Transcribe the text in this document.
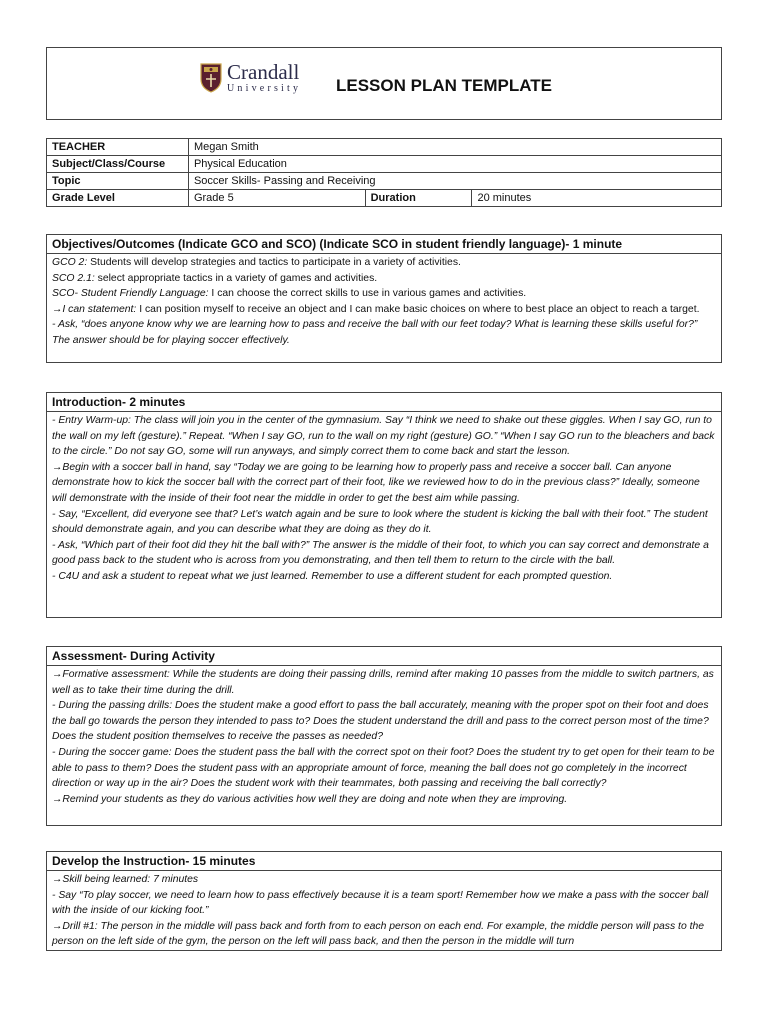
Crandall
University LESSON PLAN TEMPLATE
TEACHER	Megan Smith		
Subject/Class/Course	Physical Education		
Topic	Soccer Skills- Passing and Receiving		
Grade Level	Grade 5	Duration	20 minutes
Objectives/Outcomes (Indicate GCO and SCO) (Indicate SCO in student friendly language)- 1 minute

GCO 2: Students will develop strategies and tactics to participate in a variety of activities.

SCO 2.1: select appropriate tactics in a variety of games and activities.

SCO- Student Friendly Language: I can choose the correct skills to use in various games and activities.

→I can statement: I can position myself to receive an object and I can make basic choices on where to best place an object to reach a target.

- Ask, “does anyone know why we are learning how to pass and receive the ball with our feet today? What is learning these skills useful for?” The answer should be for playing soccer effectively.

Introduction- 2 minutes

- Entry Warm-up: The class will join you in the center of the gymnasium. Say “I think we need to shake out these giggles. When I say GO, run to the wall on my left (gesture).” Repeat. “When I say GO, run to the wall on my right (gesture) GO.” “When I say GO run to the bleachers and back to the circle.” Do not say GO, some will run anyways, and simply correct them to come back and start the lesson.

→Begin with a soccer ball in hand, say “Today we are going to be learning how to properly pass and receive a soccer ball. Can anyone demonstrate how to kick the soccer ball with the correct part of their foot, like we reviewed how to do in the previous class?” Ideally, someone will demonstrate with the inside of their foot near the middle in order to get the best aim while passing.

- Say, “Excellent, did everyone see that? Let’s watch again and be sure to look where the student is kicking the ball with their foot.” The student should demonstrate again, and you can describe what they are doing as they do it.

- Ask, “Which part of their foot did they hit the ball with?” The answer is the middle of their foot, to which you can say correct and demonstrate a good pass back to the student who is across from you demonstrating, and then tell them to return to the circle with the ball.

- C4U and ask a student to repeat what we just learned. Remember to use a different student for each prompted question.

Assessment- During Activity

→Formative assessment: While the students are doing their passing drills, remind after making 10 passes from the middle to switch partners, as well as to take their time during the drill.

- During the passing drills: Does the student make a good effort to pass the ball accurately, meaning with the proper spot on their foot and does the ball go towards the person they intended to pass to? Does the student understand the drill and pass to the correct person most of the time? Does the student position themselves to receive the passes as needed?

- During the soccer game: Does the student pass the ball with the correct spot on their foot? Does the student try to get open for their team to be able to pass to them? Does the student pass with an appropriate amount of force, meaning the ball does not go completely in the incorrect direction or way up in the air? Does the student work with their teammates, both passing and receiving the ball correctly?

→Remind your students as they do various activities how well they are doing and note when they are improving.

Develop the Instruction- 15 minutes

→Skill being learned: 7 minutes

- Say “To play soccer, we need to learn how to pass effectively because it is a team sport! Remember how we make a pass with the soccer ball with the inside of our kicking foot.”

→Drill #1: The person in the middle will pass back and forth from to each person on each end. For example, the middle person will pass to the person on the left side of the gym, the person on the left will pass back, and then the person in the middle will turn
